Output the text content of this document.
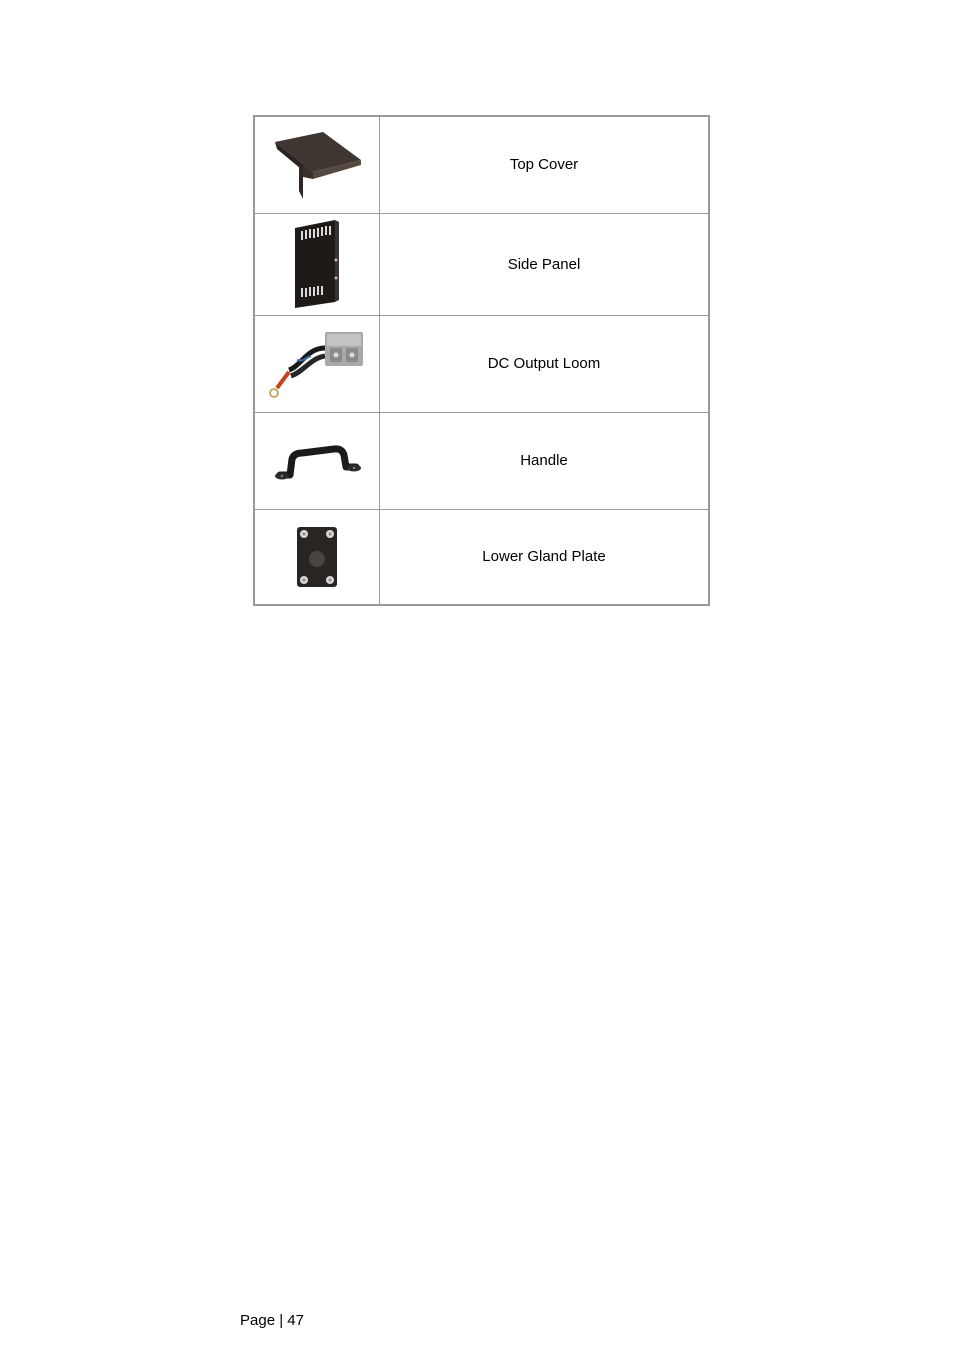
	Top Cover

	Side Panel

	DC Output Loom

	Handle

	Lower Gland Plate
Page | 47
